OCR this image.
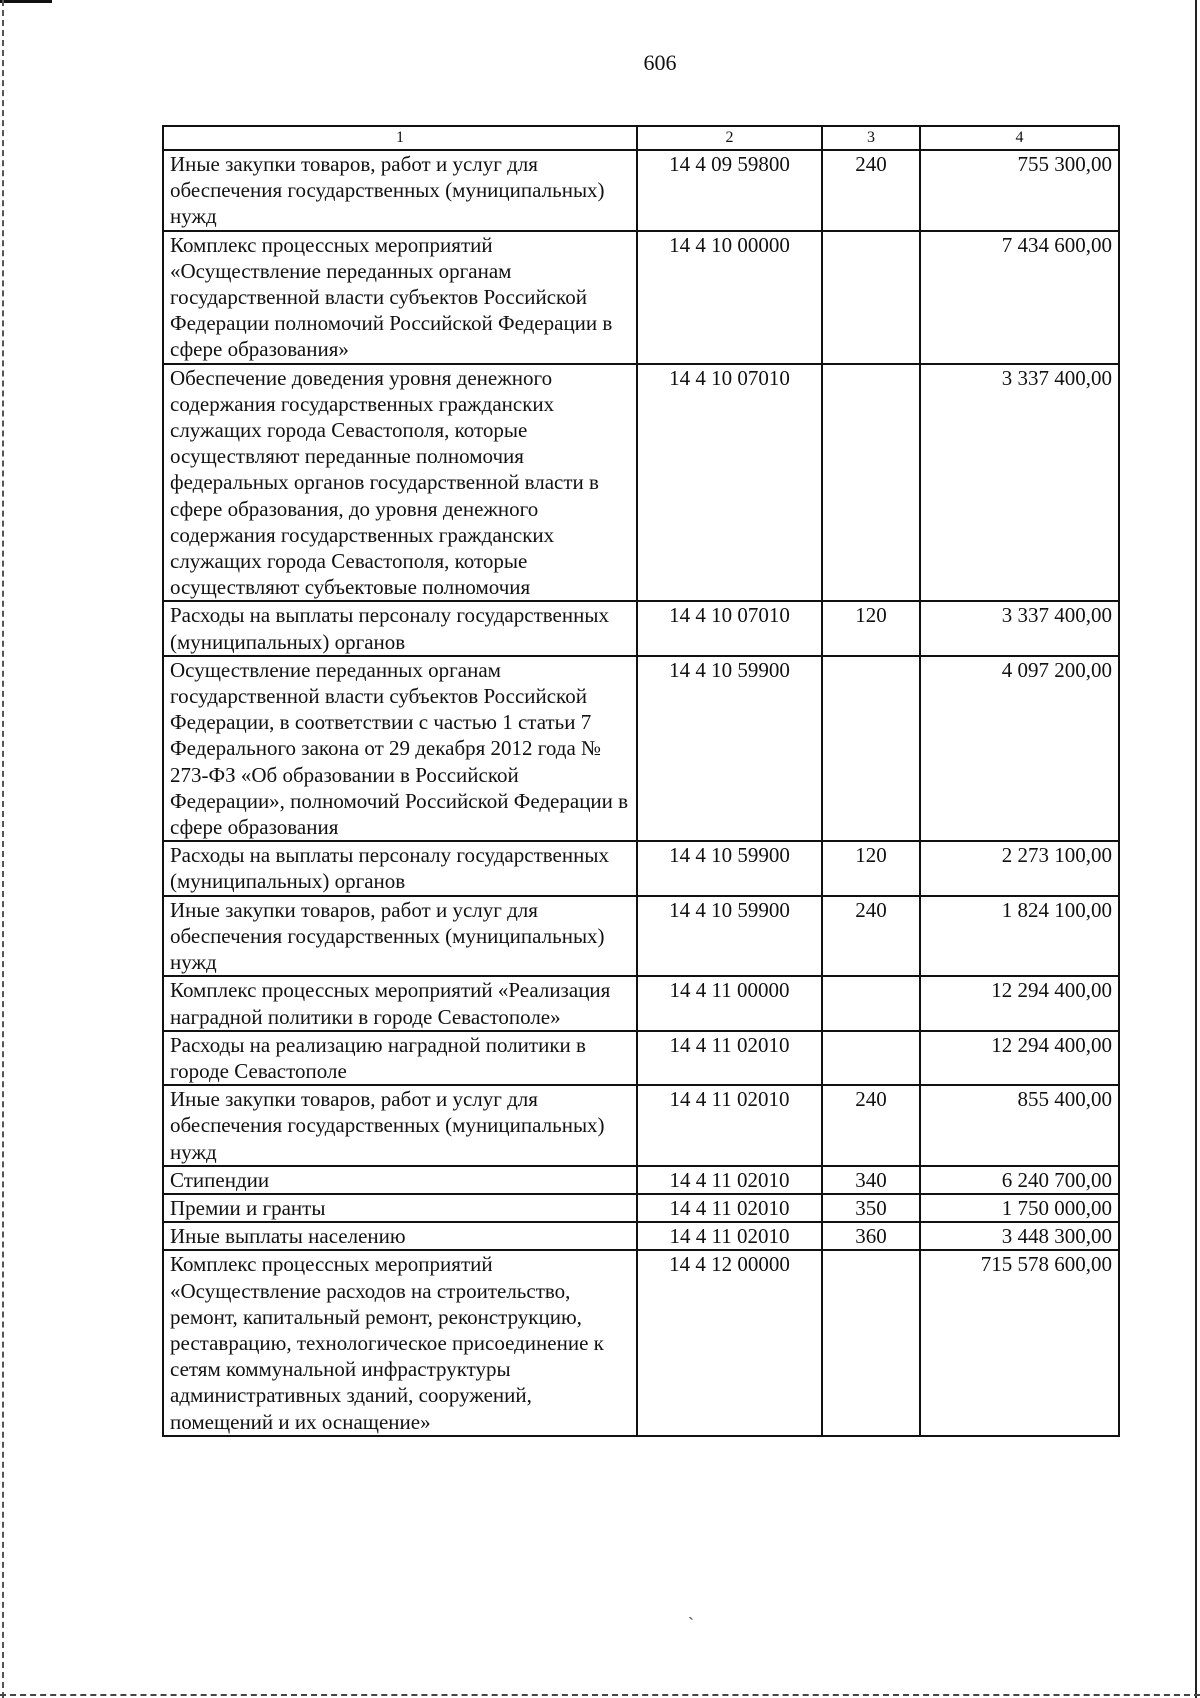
606
1	2	3	4
Иные закупки товаров, работ и услуг для обеспечения государственных (муниципальных) нужд	14 4 09 59800	240	755 300,00
Комплекс процессных мероприятий «Осуществление переданных органам государственной власти субъектов Российской Федерации полномочий Российской Федерации в сфере образования»	14 4 10 00000		7 434 600,00
Обеспечение доведения уровня денежного содержания государственных гражданских служащих города Севастополя, которые осуществляют переданные полномочия федеральных органов государственной власти в сфере образования, до уровня денежного содержания государственных гражданских служащих города Севастополя, которые осуществляют субъектовые полномочия	14 4 10 07010		3 337 400,00
Расходы на выплаты персоналу государственных (муниципальных) органов	14 4 10 07010	120	3 337 400,00
Осуществление переданных органам государственной власти субъектов Российской Федерации, в соответствии с частью 1 статьи 7 Федерального закона от 29 декабря 2012 года № 273-ФЗ «Об образовании в Российской Федерации», полномочий Российской Федерации в сфере образования	14 4 10 59900		4 097 200,00
Расходы на выплаты персоналу государственных (муниципальных) органов	14 4 10 59900	120	2 273 100,00
Иные закупки товаров, работ и услуг для обеспечения государственных (муниципальных) нужд	14 4 10 59900	240	1 824 100,00
Комплекс процессных мероприятий «Реализация наградной политики в городе Севастополе»	14 4 11 00000		12 294 400,00
Расходы на реализацию наградной политики в городе Севастополе	14 4 11 02010		12 294 400,00
Иные закупки товаров, работ и услуг для обеспечения государственных (муниципальных) нужд	14 4 11 02010	240	855 400,00
Стипендии	14 4 11 02010	340	6 240 700,00
Премии и гранты	14 4 11 02010	350	1 750 000,00
Иные выплаты населению	14 4 11 02010	360	3 448 300,00
Комплекс процессных мероприятий «Осуществление расходов на строительство, ремонт, капитальный ремонт, реконструкцию, реставрацию, технологическое присоединение к сетям коммунальной инфраструктуры административных зданий, сооружений, помещений и их оснащение»	14 4 12 00000		715 578 600,00
ˏ
